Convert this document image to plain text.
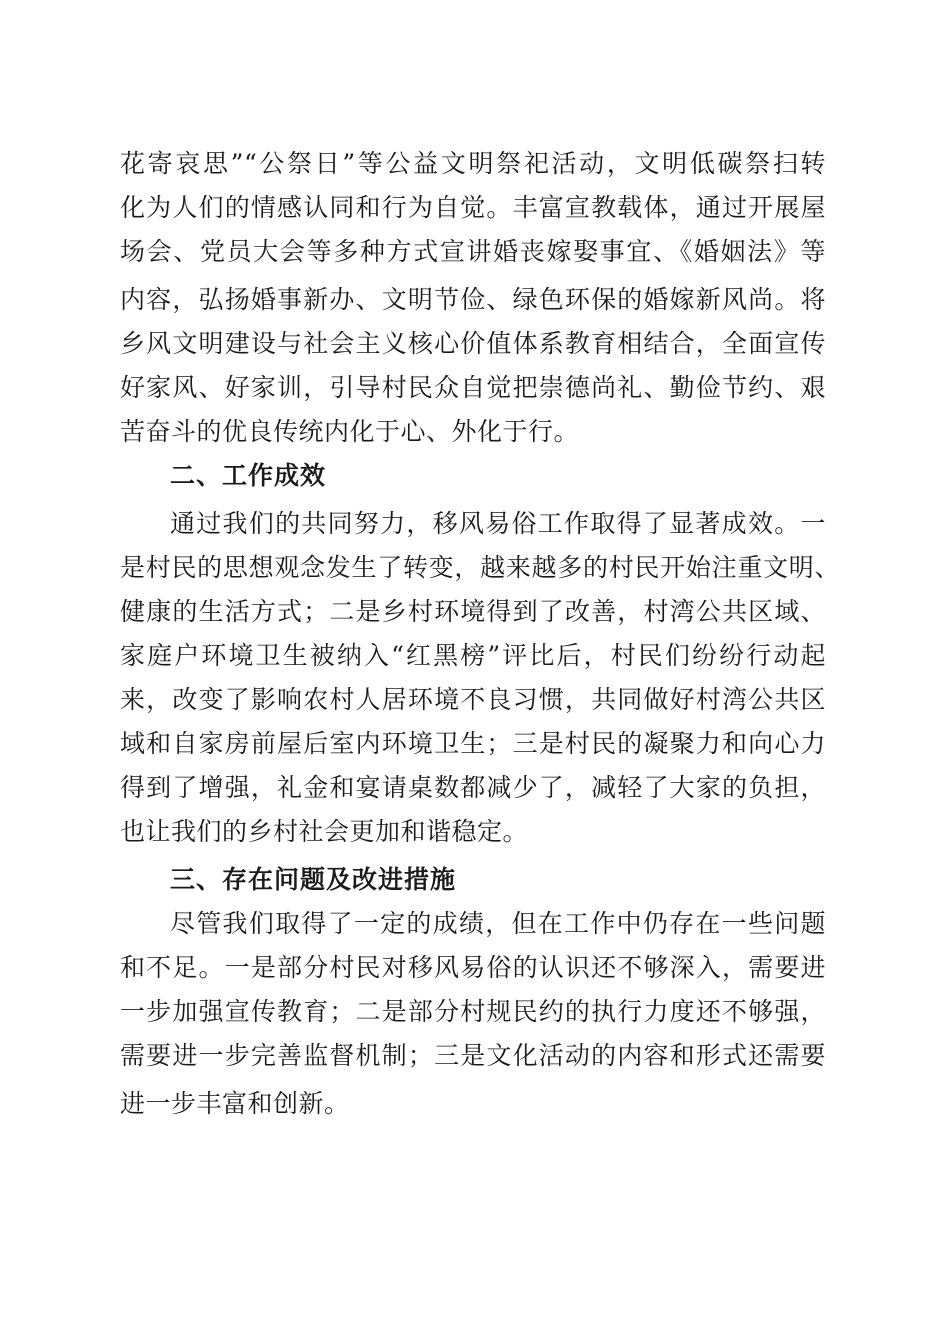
花寄哀思”“公祭日”等公益文明祭祀活动，文明低碳祭扫转
化为人们的情感认同和行为自觉。丰富宣教载体，通过开展屋
场会、党员大会等多种方式宣讲婚丧嫁娶事宜、《婚姻法》等
内容，弘扬婚事新办、文明节俭、绿色环保的婚嫁新风尚。将
乡风文明建设与社会主义核心价值体系教育相结合，全面宣传
好家风、好家训，引导村民众自觉把崇德尚礼、勤俭节约、艰
苦奋斗的优良传统内化于心、外化于行。
二、工作成效
通过我们的共同努力，移风易俗工作取得了显著成效。一
是村民的思想观念发生了转变，越来越多的村民开始注重文明、
健康的生活方式；二是乡村环境得到了改善，村湾公共区域、
家庭户环境卫生被纳入“红黑榜”评比后，村民们纷纷行动起
来，改变了影响农村人居环境不良习惯，共同做好村湾公共区
域和自家房前屋后室内环境卫生；三是村民的凝聚力和向心力
得到了增强，礼金和宴请桌数都减少了，减轻了大家的负担，
也让我们的乡村社会更加和谐稳定。
三、存在问题及改进措施
尽管我们取得了一定的成绩，但在工作中仍存在一些问题
和不足。一是部分村民对移风易俗的认识还不够深入，需要进
一步加强宣传教育；二是部分村规民约的执行力度还不够强，
需要进一步完善监督机制；三是文化活动的内容和形式还需要
进一步丰富和创新。
